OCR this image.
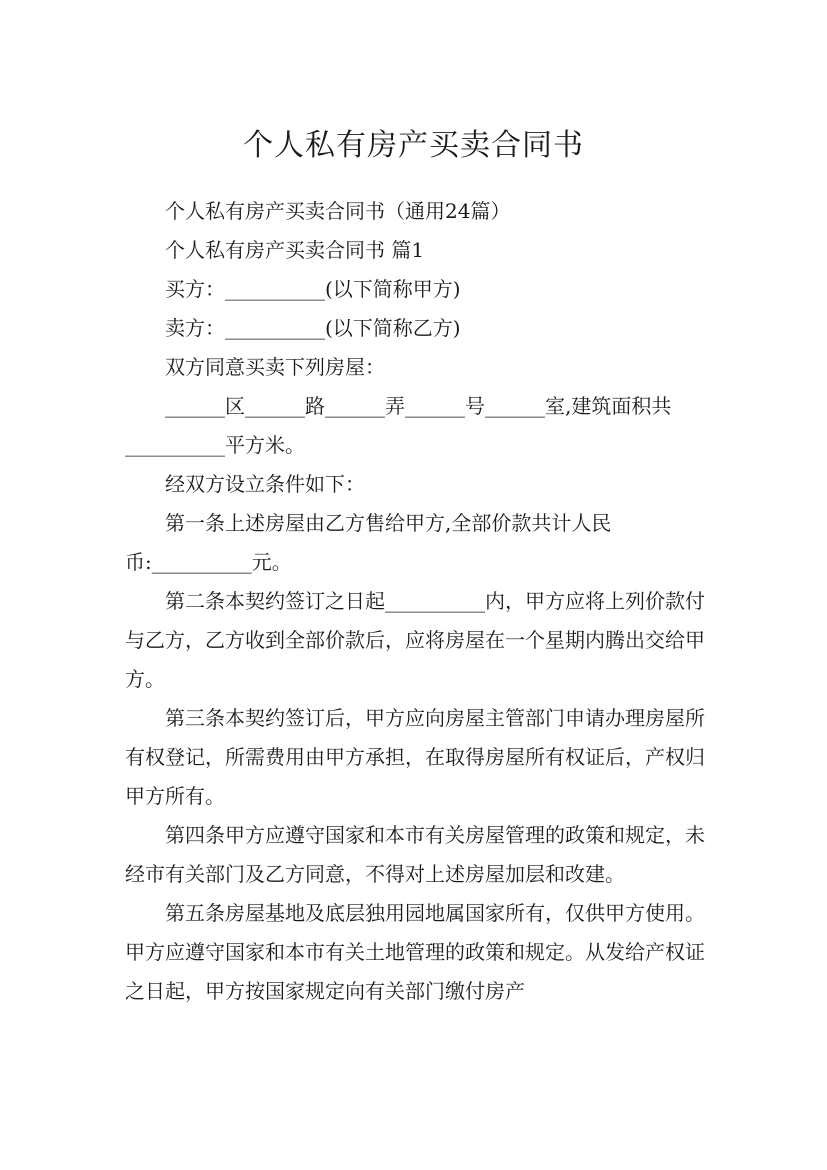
个人私有房产买卖合同书

个人私有房产买卖合同书（通用24篇）

个人私有房产买卖合同书 篇1

买方：__________(以下简称甲方)

卖方：__________(以下简称乙方)

双方同意买卖下列房屋：

______区______路______弄______号______室,建筑面积共__________平方米。

经双方设立条件如下：

第一条上述房屋由乙方售给甲方,全部价款共计人民币:__________元。

第二条本契约签订之日起__________内，甲方应将上列价款付与乙方，乙方收到全部价款后，应将房屋在一个星期内腾出交给甲方。

第三条本契约签订后，甲方应向房屋主管部门申请办理房屋所有权登记，所需费用由甲方承担，在取得房屋所有权证后，产权归甲方所有。

第四条甲方应遵守国家和本市有关房屋管理的政策和规定，未经市有关部门及乙方同意，不得对上述房屋加层和改建。

第五条房屋基地及底层独用园地属国家所有，仅供甲方使用。甲方应遵守国家和本市有关土地管理的政策和规定。从发给产权证之日起，甲方按国家规定向有关部门缴付房产
